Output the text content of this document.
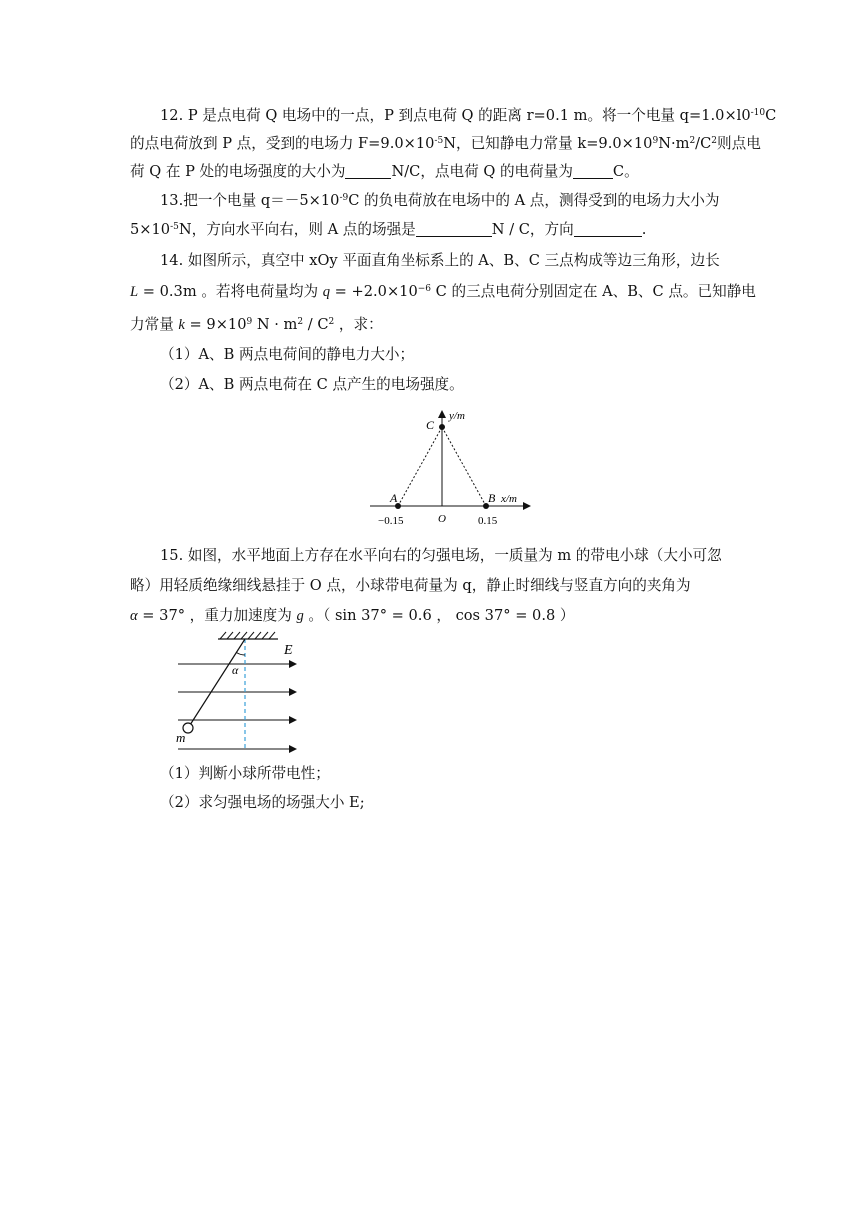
12. P 是点电荷 Q 电场中的一点，P 到点电荷 Q 的距离 r=0.1 m。将一个电量 $q=1.0\times l0^{-10}C$

的点电荷放到 P 点，受到的电场力 $F=9.0\times 10^{-5}N$，已知静电力常量 $k=9.0\times 10^9N\cdot m^2/C^2$则点电

荷 Q 在 P 处的电场强度的大小为	N/C，点电荷 Q 的电荷量为	C。

13.把一个电量 $q=-5\times 10^{-9}C$ 的负电荷放在电场中的 A 点，测得受到的电场力大小为

$5\times 10^{-5}N$，方向水平向右，则 A 点的场强是	N / C，方向	.

14. 如图所示，真空中 xOy 平面直角坐标系上的 A、B、C 三点构成等边三角形，边长

L = 0.3m 。若将电荷量均为 $q = +2.0\times 10^{-6}$ C 的三点电荷分别固定在 A、B、C 点。已知静电

力常量 $k = 9\times 10^9$ $N \cdot m^2 / C^2$ ，求：

（1）A、B 两点电荷间的静电力大小；

（2）A、B 两点电荷在 C 点产生的电场强度。

y/m
C
A	B x/m
O
−0.15	0.15

15. 如图，水平地面上方存在水平向右的匀强电场，一质量为 m 的带电小球（大小可忽

略）用轻质绝缘细线悬挂于 O 点，小球带电荷量为 q，静止时细线与竖直方向的夹角为

α = 37° ，重力加速度为 g 。（ sin 37° = 0.6 ， cos 37° = 0.8 ）

E
α
m

（1）判断小球所带电性；

（2）求匀强电场的场强大小 E;
